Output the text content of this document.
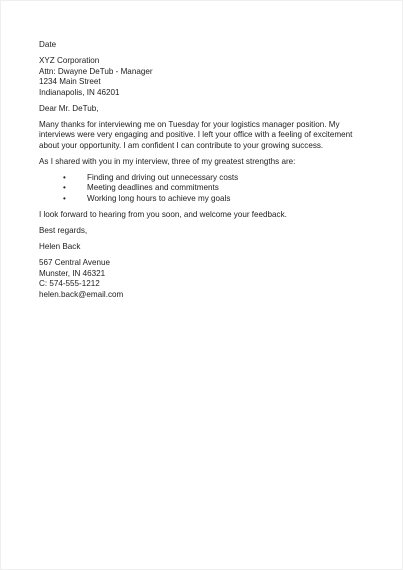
Date
XYZ Corporation
Attn: Dwayne DeTub - Manager
1234 Main Street
Indianapolis, IN 46201
Dear Mr. DeTub,
Many thanks for interviewing me on Tuesday for your logistics manager position. My
interviews were very engaging and positive. I left your office with a feeling of excitement
about your opportunity. I am confident I can contribute to your growing success.
As I shared with you in my interview, three of my greatest strengths are:
•	Finding and driving out unnecessary costs
•	Meeting deadlines and commitments
•	Working long hours to achieve my goals
I look forward to hearing from you soon, and welcome your feedback.
Best regards,
Helen Back
567 Central Avenue
Munster, IN 46321
C: 574-555-1212
helen.back@email.com
